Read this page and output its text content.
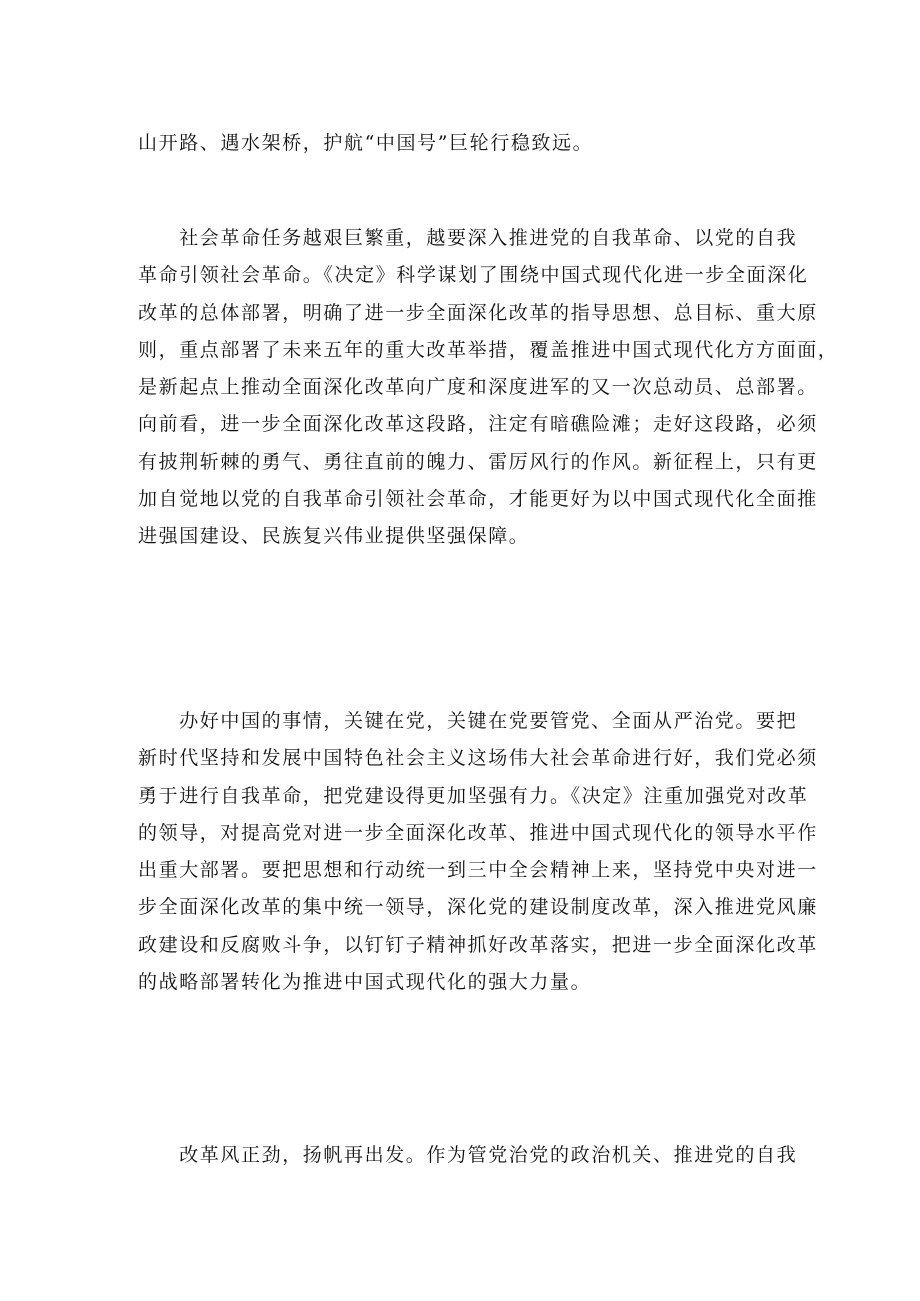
山开路、遇水架桥，护航“中国号”巨轮行稳致远。

　　社会革命任务越艰巨繁重，越要深入推进党的自我革命、以党的自我
革命引领社会革命。《决定》科学谋划了围绕中国式现代化进一步全面深化
改革的总体部署，明确了进一步全面深化改革的指导思想、总目标、重大原
则，重点部署了未来五年的重大改革举措，覆盖推进中国式现代化方方面面，
是新起点上推动全面深化改革向广度和深度进军的又一次总动员、总部署。
向前看，进一步全面深化改革这段路，注定有暗礁险滩；走好这段路，必须
有披荆斩棘的勇气、勇往直前的魄力、雷厉风行的作风。新征程上，只有更
加自觉地以党的自我革命引领社会革命，才能更好为以中国式现代化全面推
进强国建设、民族复兴伟业提供坚强保障。

　　办好中国的事情，关键在党，关键在党要管党、全面从严治党。要把
新时代坚持和发展中国特色社会主义这场伟大社会革命进行好，我们党必须
勇于进行自我革命，把党建设得更加坚强有力。《决定》注重加强党对改革
的领导，对提高党对进一步全面深化改革、推进中国式现代化的领导水平作
出重大部署。要把思想和行动统一到三中全会精神上来，坚持党中央对进一
步全面深化改革的集中统一领导，深化党的建设制度改革，深入推进党风廉
政建设和反腐败斗争，以钉钉子精神抓好改革落实，把进一步全面深化改革
的战略部署转化为推进中国式现代化的强大力量。

　　改革风正劲，扬帆再出发。作为管党治党的政治机关、推进党的自我
